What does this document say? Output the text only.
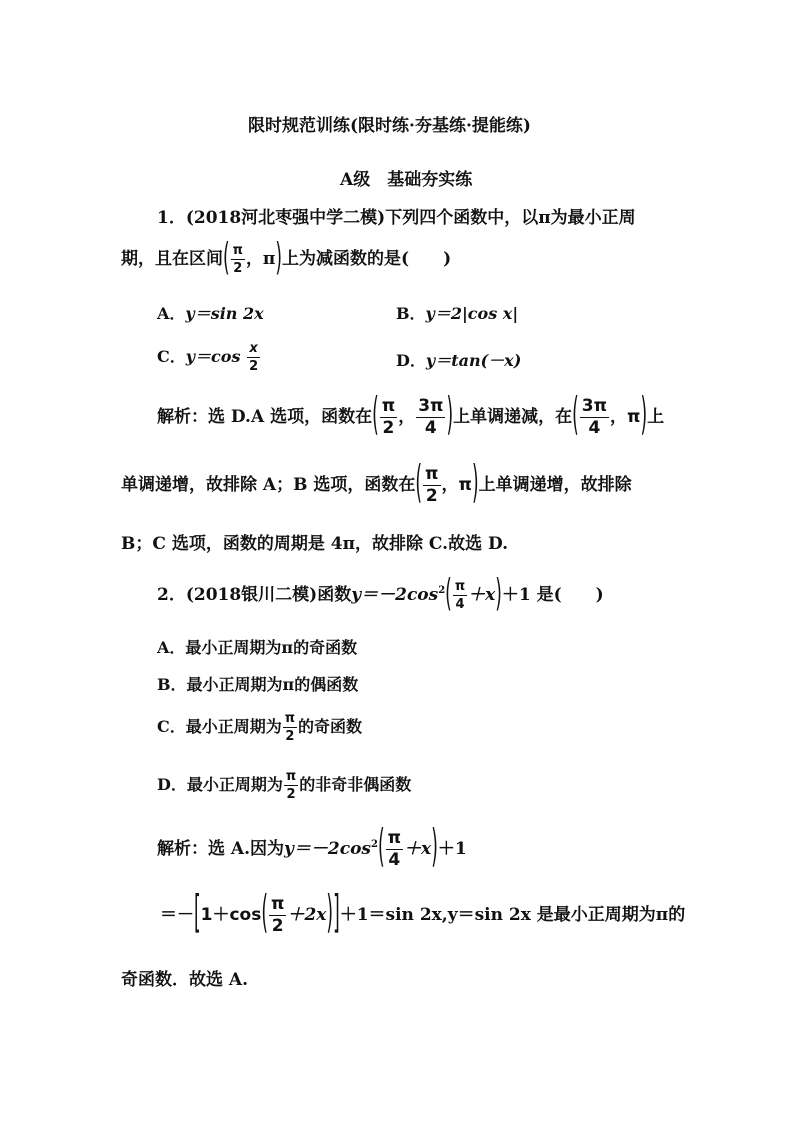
限时规范训练(限时练·夯基练·提能练)
A级　基础夯实练
1．(2018河北枣强中学二模)下列四个函数中，以π为最小正周
期，且在区间( $\frac{\pi}{2}$ ，π)上为减函数的是(　　)
A．y＝sin 2x	B．y＝2|cos x|
C．$y=\cos \frac{x}{2}$	D．y＝tan(－x)
解析：选 D.A 选项，函数在( $\frac{\pi}{2}$ ， $\frac{3\pi}{4}$ )上单调递减，在( $\frac{3\pi}{4}$ ，π)上
单调递增，故排除 A；B 选项，函数在( $\frac{\pi}{2}$ ，π)上单调递增，故排除
B；C 选项，函数的周期是 4π，故排除 C.故选 D.
2．(2018银川二模)函数$y=-2\cos^2( \frac{\pi}{4} +x)+1$ 是(　　)
A．最小正周期为π的奇函数
B．最小正周期为π的偶函数
C．最小正周期为 $\frac{\pi}{2}$ 的奇函数
D．最小正周期为 $\frac{\pi}{2}$ 的非奇非偶函数
解析：选 A.因为$y=-2\cos^2( \frac{\pi}{4} +x)+1$
$=-[1+\cos( \frac{\pi}{2} +2x)]+1=\sin$ 2x,y＝sin 2x 是最小正周期为π的
奇函数．故选 A.
